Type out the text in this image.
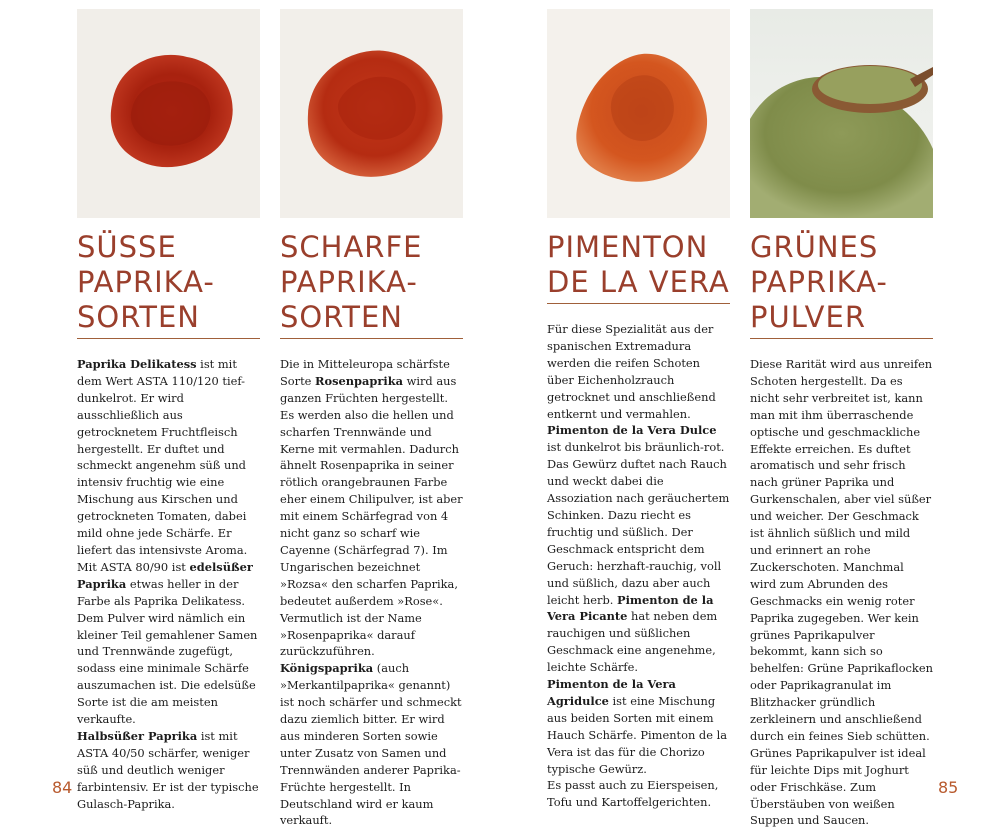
SÜSSE
PAPRIKA-
SORTEN

Paprika Delikatess ist mit dem Wert ASTA 110/120 tief-dunkelrot. Er wird ausschließlich aus getrocknetem Fruchtfleisch hergestellt. Er duftet und schmeckt angenehm süß und intensiv fruchtig wie eine Mischung aus Kirschen und getrockneten Tomaten, dabei mild ohne jede Schärfe. Er liefert das intensivste Aroma.

Mit ASTA 80/90 ist edelsüßer Paprika etwas heller in der Farbe als Paprika Delikatess. Dem Pulver wird nämlich ein kleiner Teil gemahlener Samen und Trennwände zugefügt, sodass eine minimale Schärfe auszumachen ist. Die edelsüße Sorte ist die am meisten verkaufte.

Halbsüßer Paprika ist mit ASTA 40/50 schärfer, weniger süß und deutlich weniger farbintensiv. Er ist der typische Gulasch-Paprika.

SCHARFE
PAPRIKA-
SORTEN

Die in Mitteleuropa schärfste Sorte Rosenpaprika wird aus ganzen Früchten hergestellt. Es werden also die hellen und scharfen Trennwände und Kerne mit vermahlen. Dadurch ähnelt Rosenpaprika in seiner rötlich orangebraunen Farbe eher einem Chilipulver, ist aber mit einem Schärfegrad von 4 nicht ganz so scharf wie Cayenne (Schärfegrad 7). Im Ungarischen bezeichnet »Rozsa« den scharfen Paprika, bedeutet außerdem »Rose«. Vermutlich ist der Name »Rosenpaprika« darauf zurückzuführen.

Königspaprika (auch »Merkantilpaprika« genannt) ist noch schärfer und schmeckt dazu ziemlich bitter. Er wird aus minderen Sorten sowie unter Zusatz von Samen und Trennwänden anderer Paprika-Früchte hergestellt. In Deutschland wird er kaum verkauft.

PIMENTON
DE LA VERA

Für diese Spezialität aus der spanischen Extremadura werden die reifen Schoten über Eichenholzrauch getrocknet und anschließend entkernt und vermahlen. Pimenton de la Vera Dulce ist dunkelrot bis bräunlich-rot. Das Gewürz duftet nach Rauch und weckt dabei die Assoziation nach geräuchertem Schinken. Dazu riecht es fruchtig und süßlich. Der Geschmack entspricht dem Geruch: herzhaft-rauchig, voll und süßlich, dazu aber auch leicht herb. Pimenton de la Vera Picante hat neben dem rauchigen und süßlichen Geschmack eine angenehme, leichte Schärfe.

Pimenton de la Vera Agridulce ist eine Mischung aus beiden Sorten mit einem Hauch Schärfe. Pimenton de la Vera ist das für die Chorizo typische Gewürz.

Es passt auch zu Eierspeisen, Tofu und Kartoffelgerichten.

GRÜNES
PAPRIKA-
PULVER

Diese Rarität wird aus unreifen Schoten hergestellt. Da es nicht sehr verbreitet ist, kann man mit ihm überraschende optische und geschmackliche Effekte erreichen. Es duftet aromatisch und sehr frisch nach grüner Paprika und Gurkenschalen, aber viel süßer und weicher. Der Geschmack ist ähnlich süßlich und mild und erinnert an rohe Zuckerschoten. Manchmal wird zum Abrunden des Geschmacks ein wenig roter Paprika zugegeben. Wer kein grünes Paprikapulver bekommt, kann sich so behelfen: Grüne Paprikaflocken oder Paprikagranulat im Blitzhacker gründlich zerkleinern und anschließend durch ein feines Sieb schütten.

Grünes Paprikapulver ist ideal für leichte Dips mit Joghurt oder Frischkäse. Zum Überstäuben von weißen Suppen und Saucen.

84	85
